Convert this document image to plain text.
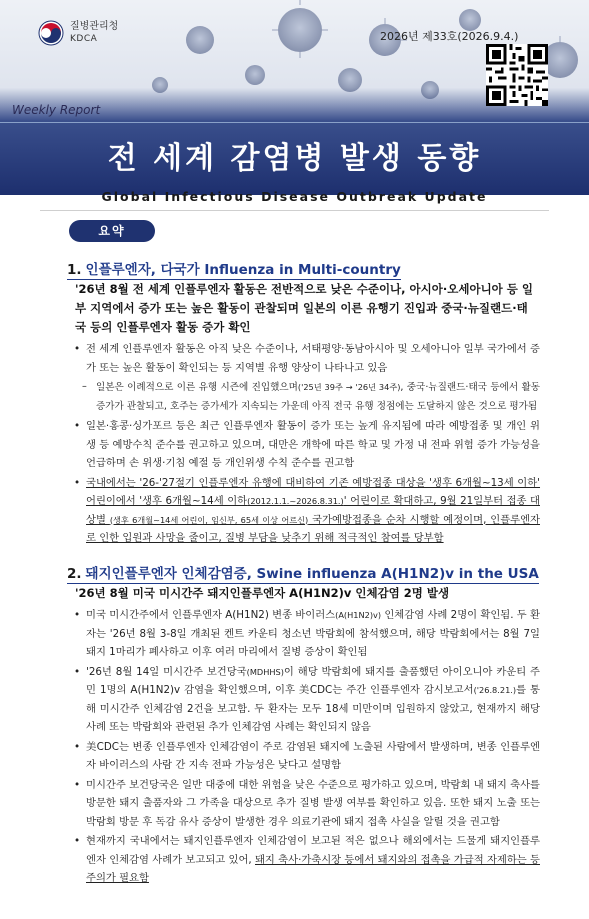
질병관리청
KDCA	2026년 제33호(2026.9.4.)
Weekly Report
전 세계 감염병 발생 동향
Global Infectious Disease Outbreak Update
요약
1. 인플루엔자, 다국가 Influenza in Multi-country
'26년 8월 전 세계 인플루엔자 활동은 전반적으로 낮은 수준이나, 아시아·오세아니아 등 일부 지역에서 증가 또는 높은 활동이 관찰되며 일본의 이른 유행기 진입과 중국·뉴질랜드·태국 등의 인플루엔자 활동 증가 확인
• 전 세계 인플루엔자 활동은 아직 낮은 수준이나, 서태평양·동남아시아 및 오세아니아 일부 국가에서 증가 또는 높은 활동이 확인되는 등 지역별 유행 양상이 나타나고 있음
– 일본은 이례적으로 이른 유행 시즌에 진입했으며('25년 39주 → '26년 34주), 중국·뉴질랜드·태국 등에서 활동 증가가 관찰되고, 호주는 증가세가 지속되는 가운데 아직 전국 유행 정점에는 도달하지 않은 것으로 평가됨
• 일본·홍콩·싱가포르 등은 최근 인플루엔자 활동이 증가 또는 높게 유지됨에 따라 예방접종 및 개인 위생 등 예방수칙 준수를 권고하고 있으며, 대만은 개학에 따른 학교 및 가정 내 전파 위험 증가 가능성을 언급하며 손 위생·기침 예절 등 개인위생 수칙 준수를 권고함
• 국내에서는 '26-'27절기 인플루엔자 유행에 대비하여 기존 예방접종 대상을 '생후 6개월~13세 이하' 어린이에서 '생후 6개월~14세 이하(2012.1.1.~2026.8.31.)' 어린이로 확대하고, 9월 21일부터 접종 대상별 (생후 6개월~14세 어린이, 임신부, 65세 이상 어르신) 국가예방접종을 순차 시행할 예정이며, 인플루엔자로 인한 입원과 사망을 줄이고, 질병 부담을 낮추기 위해 적극적인 참여를 당부함
2. 돼지인플루엔자 인체감염증, Swine influenza A(H1N2)v in the USA
'26년 8월 미국 미시간주 돼지인플루엔자 A(H1N2)v 인체감염 2명 발생
• 미국 미시간주에서 인플루엔자 A(H1N2) 변종 바이러스(A(H1N2)v) 인체감염 사례 2명이 확인됨. 두 환자는 '26년 8월 3-8일 개최된 켄트 카운티 청소년 박람회에 참석했으며, 해당 박람회에서는 8월 7일 돼지 1마리가 폐사하고 이후 여러 마리에서 질병 증상이 확인됨
• '26년 8월 14일 미시간주 보건당국(MDHHS)이 해당 박람회에 돼지를 출품했던 아이오니아 카운티 주민 1명의 A(H1N2)v 감염을 확인했으며, 이후 美CDC는 주간 인플루엔자 감시보고서('26.8.21.)를 통해 미시간주 인체감염 2건을 보고함. 두 환자는 모두 18세 미만이며 입원하지 않았고, 현재까지 해당 사례 또는 박람회와 관련된 추가 인체감염 사례는 확인되지 않음
• 美CDC는 변종 인플루엔자 인체감염이 주로 감염된 돼지에 노출된 사람에서 발생하며, 변종 인플루엔자 바이러스의 사람 간 지속 전파 가능성은 낮다고 설명함
• 미시간주 보건당국은 일반 대중에 대한 위험을 낮은 수준으로 평가하고 있으며, 박람회 내 돼지 축사를 방문한 돼지 출품자와 그 가족을 대상으로 추가 질병 발생 여부를 확인하고 있음. 또한 돼지 노출 또는 박람회 방문 후 독감 유사 증상이 발생한 경우 의료기관에 돼지 접촉 사실을 알릴 것을 권고함
• 현재까지 국내에서는 돼지인플루엔자 인체감염이 보고된 적은 없으나 해외에서는 드물게 돼지인플루엔자 인체감염 사례가 보고되고 있어, 돼지 축사·가축시장 등에서 돼지와의 접촉을 가급적 자제하는 등 주의가 필요함
